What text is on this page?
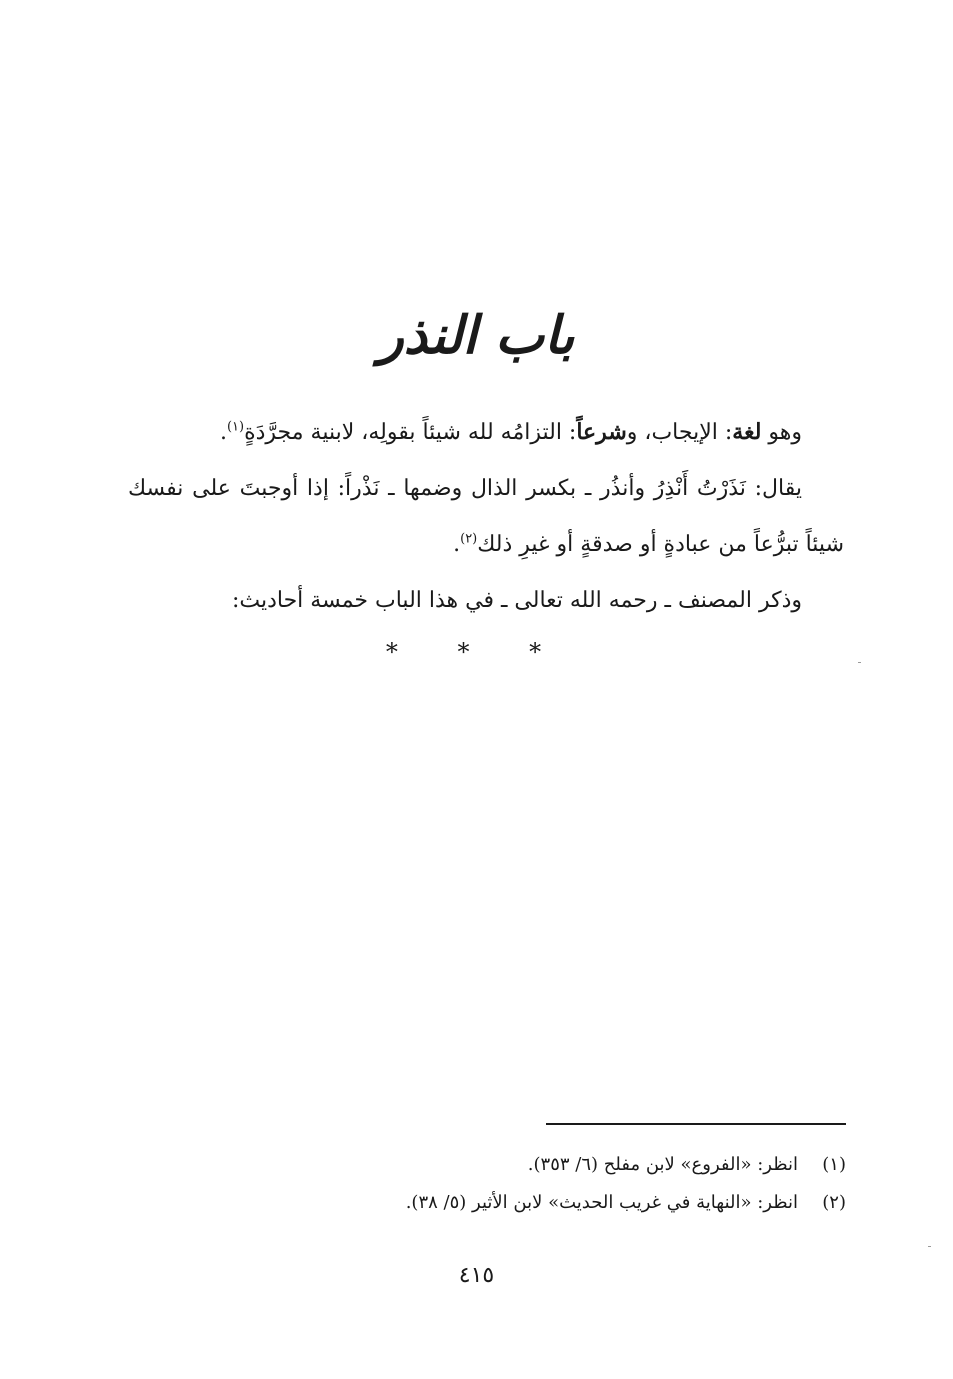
باب النذر

وهو لغة: الإيجاب، وشرعاً: التزامُه لله شيئاً بقولِه، لابنية مجرَّدَةٍ$^{(١)}$.

يقال: نَذَرْتُ أَنْذِرُ وأنذُر ـ بكسر الذال وضمها ـ نَذْراً: إذا أوجبتَ على نفسك شيئاً تبرُّعاً من عبادةٍ أو صدقةٍ أو غيرِ ذلك$^{(٢)}$.

وذكر المصنف ـ رحمه الله تعالى ـ في هذا الباب خمسة أحاديث:

* * *

(١)انظر: «الفروع» لابن مفلح (٦/ ٣٥٣).

(٢)انظر: «النهاية في غريب الحديث» لابن الأثير (٥/ ٣٨).

٤١٥
